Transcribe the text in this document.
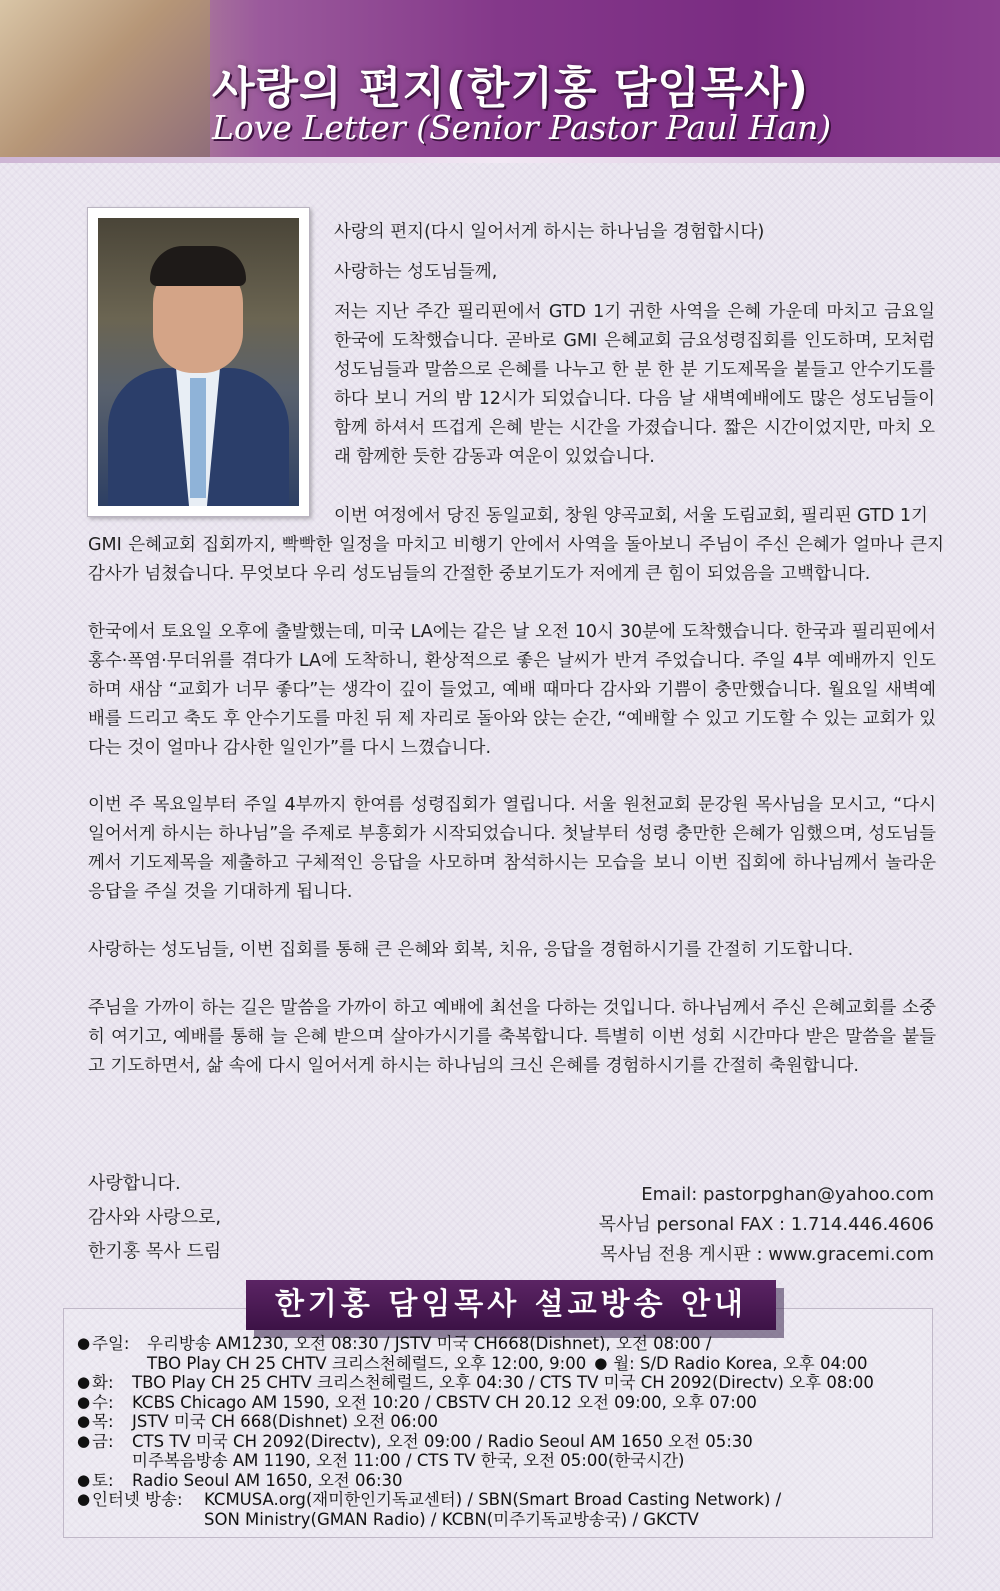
사랑의 편지(한기홍 담임목사)
Love Letter (Senior Pastor Paul Han)
사랑의 편지(다시 일어서게 하시는 하나님을 경험합시다)
사랑하는 성도님들께,
저는 지난 주간 필리핀에서 GTD 1기 귀한 사역을 은혜 가운데 마치고 금요일 한국에 도착했습니다. 곧바로 GMI 은혜교회 금요성령집회를 인도하며, 모처럼 성도님들과 말씀으로 은혜를 나누고 한 분 한 분 기도제목을 붙들고 안수기도를 하다 보니 거의 밤 12시가 되었습니다. 다음 날 새벽예배에도 많은 성도님들이 함께 하셔서 뜨겁게 은혜 받는 시간을 가졌습니다. 짧은 시간이었지만, 마치 오래 함께한 듯한 감동과 여운이 있었습니다.
이번 여정에서 당진 동일교회, 창원 양곡교회, 서울 도림교회, 필리핀 GTD 1기
GMI 은혜교회 집회까지, 빡빡한 일정을 마치고 비행기 안에서 사역을 돌아보니 주님이 주신 은혜가 얼마나 큰지 감사가 넘쳤습니다. 무엇보다 우리 성도님들의 간절한 중보기도가 저에게 큰 힘이 되었음을 고백합니다.
한국에서 토요일 오후에 출발했는데, 미국 LA에는 같은 날 오전 10시 30분에 도착했습니다. 한국과 필리핀에서 홍수·폭염·무더위를 겪다가 LA에 도착하니, 환상적으로 좋은 날씨가 반겨 주었습니다. 주일 4부 예배까지 인도하며 새삼 “교회가 너무 좋다”는 생각이 깊이 들었고, 예배 때마다 감사와 기쁨이 충만했습니다. 월요일 새벽예배를 드리고 축도 후 안수기도를 마친 뒤 제 자리로 돌아와 앉는 순간, “예배할 수 있고 기도할 수 있는 교회가 있다는 것이 얼마나 감사한 일인가”를 다시 느꼈습니다.
이번 주 목요일부터 주일 4부까지 한여름 성령집회가 열립니다. 서울 원천교회 문강원 목사님을 모시고, “다시 일어서게 하시는 하나님”을 주제로 부흥회가 시작되었습니다. 첫날부터 성령 충만한 은혜가 임했으며, 성도님들께서 기도제목을 제출하고 구체적인 응답을 사모하며 참석하시는 모습을 보니 이번 집회에 하나님께서 놀라운 응답을 주실 것을 기대하게 됩니다.
사랑하는 성도님들, 이번 집회를 통해 큰 은혜와 회복, 치유, 응답을 경험하시기를 간절히 기도합니다.
주님을 가까이 하는 길은 말씀을 가까이 하고 예배에 최선을 다하는 것입니다. 하나님께서 주신 은혜교회를 소중히 여기고, 예배를 통해 늘 은혜 받으며 살아가시기를 축복합니다. 특별히 이번 성회 시간마다 받은 말씀을 붙들고 기도하면서, 삶 속에 다시 일어서게 하시는 하나님의 크신 은혜를 경험하시기를 간절히 축원합니다.
사랑합니다.
감사와 사랑으로,
한기홍 목사 드림
Email: pastorpghan@yahoo.com
목사님 personal FAX : 1.714.446.4606
목사님 전용 게시판 : www.gracemi.com
한기홍 담임목사 설교방송 안내
● 주일:	우리방송 AM1230, 오전 08:30 / JSTV 미국 CH668(Dishnet), 오전 08:00 /
TBO Play CH 25 CHTV 크리스천헤럴드, 오후 12:00, 9:00 ● 월: S/D Radio Korea, 오후 04:00
● 화:	TBO Play CH 25 CHTV 크리스천헤럴드, 오후 04:30 / CTS TV 미국 CH 2092(Directv) 오후 08:00
● 수:	KCBS Chicago AM 1590, 오전 10:20 / CBSTV CH 20.12 오전 09:00, 오후 07:00
● 목:	JSTV 미국 CH 668(Dishnet) 오전 06:00
● 금:	CTS TV 미국 CH 2092(Directv), 오전 09:00 / Radio Seoul AM 1650 오전 05:30
미주복음방송 AM 1190, 오전 11:00 / CTS TV 한국, 오전 05:00(한국시간)
● 토:	Radio Seoul AM 1650, 오전 06:30
● 인터넷 방송:	KCMUSA.org(재미한인기독교센터) / SBN(Smart Broad Casting Network) /
SON Ministry(GMAN Radio) / KCBN(미주기독교방송국) / GKCTV
